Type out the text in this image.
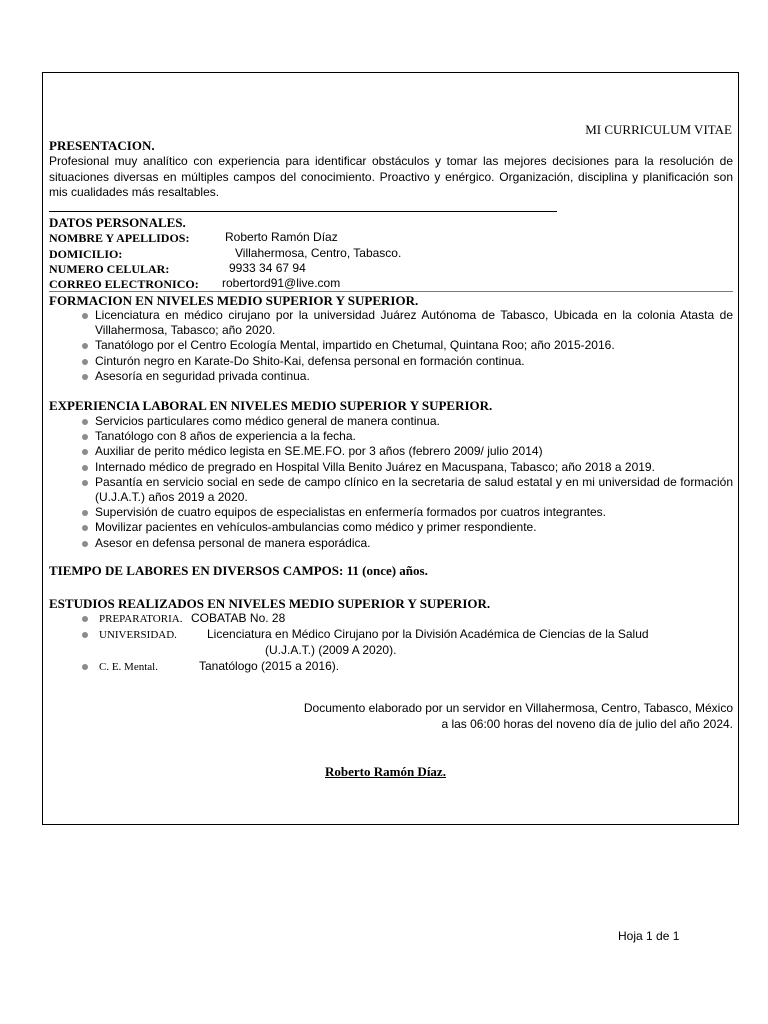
MI CURRICULUM VITAE
PRESENTACION.
Profesional muy analítico con experiencia para identificar obstáculos y tomar las mejores decisiones para la resolución de situaciones diversas en múltiples campos del conocimiento. Proactivo y enérgico. Organización, disciplina y planificación son mis cualidades más resaltables.
DATOS PERSONALES.
NOMBRE Y APELLIDOS:	Roberto Ramón Díaz
DOMICILIO:	Villahermosa, Centro, Tabasco.
NUMERO CELULAR:	9933 34 67 94
CORREO ELECTRONICO: robertord91@live.com
FORMACION EN NIVELES MEDIO SUPERIOR Y SUPERIOR.
Licenciatura en médico cirujano por la universidad Juárez Autónoma de Tabasco, Ubicada en la colonia Atasta de Villahermosa, Tabasco; año 2020.
Tanatólogo por el Centro Ecología Mental, impartido en Chetumal, Quintana Roo; año 2015-2016.
Cinturón negro en Karate-Do Shito-Kai, defensa personal en formación continua.
Asesoría en seguridad privada continua.
EXPERIENCIA LABORAL EN NIVELES MEDIO SUPERIOR Y SUPERIOR.
Servicios particulares como médico general de manera continua.
Tanatólogo con 8 años de experiencia a la fecha.
Auxiliar de perito médico legista en SE.ME.FO. por 3 años (febrero 2009/ julio 2014)
Internado médico de pregrado en Hospital Villa Benito Juárez en Macuspana, Tabasco; año 2018 a 2019.
Pasantía en servicio social en sede de campo clínico en la secretaria de salud estatal y en mi universidad de formación (U.J.A.T.) años 2019 a 2020.
Supervisión de cuatro equipos de especialistas en enfermería formados por cuatros integrantes.
Movilizar pacientes en vehículos-ambulancias como médico y primer respondiente.
Asesor en defensa personal de manera esporádica.
TIEMPO DE LABORES EN DIVERSOS CAMPOS: 11 (once) años.
ESTUDIOS REALIZADOS EN NIVELES MEDIO SUPERIOR Y SUPERIOR.
PREPARATORIA. COBATAB No. 28
UNIVERSIDAD.	Licenciatura en Médico Cirujano por la División Académica de Ciencias de la Salud
(U.J.A.T.) (2009 A 2020).
C. E. Mental.	Tanatólogo (2015 a 2016).
Documento elaborado por un servidor en Villahermosa, Centro, Tabasco, México
a las 06:00 horas del noveno día de julio del año 2024.
Roberto Ramón Díaz.
Hoja 1 de 1
